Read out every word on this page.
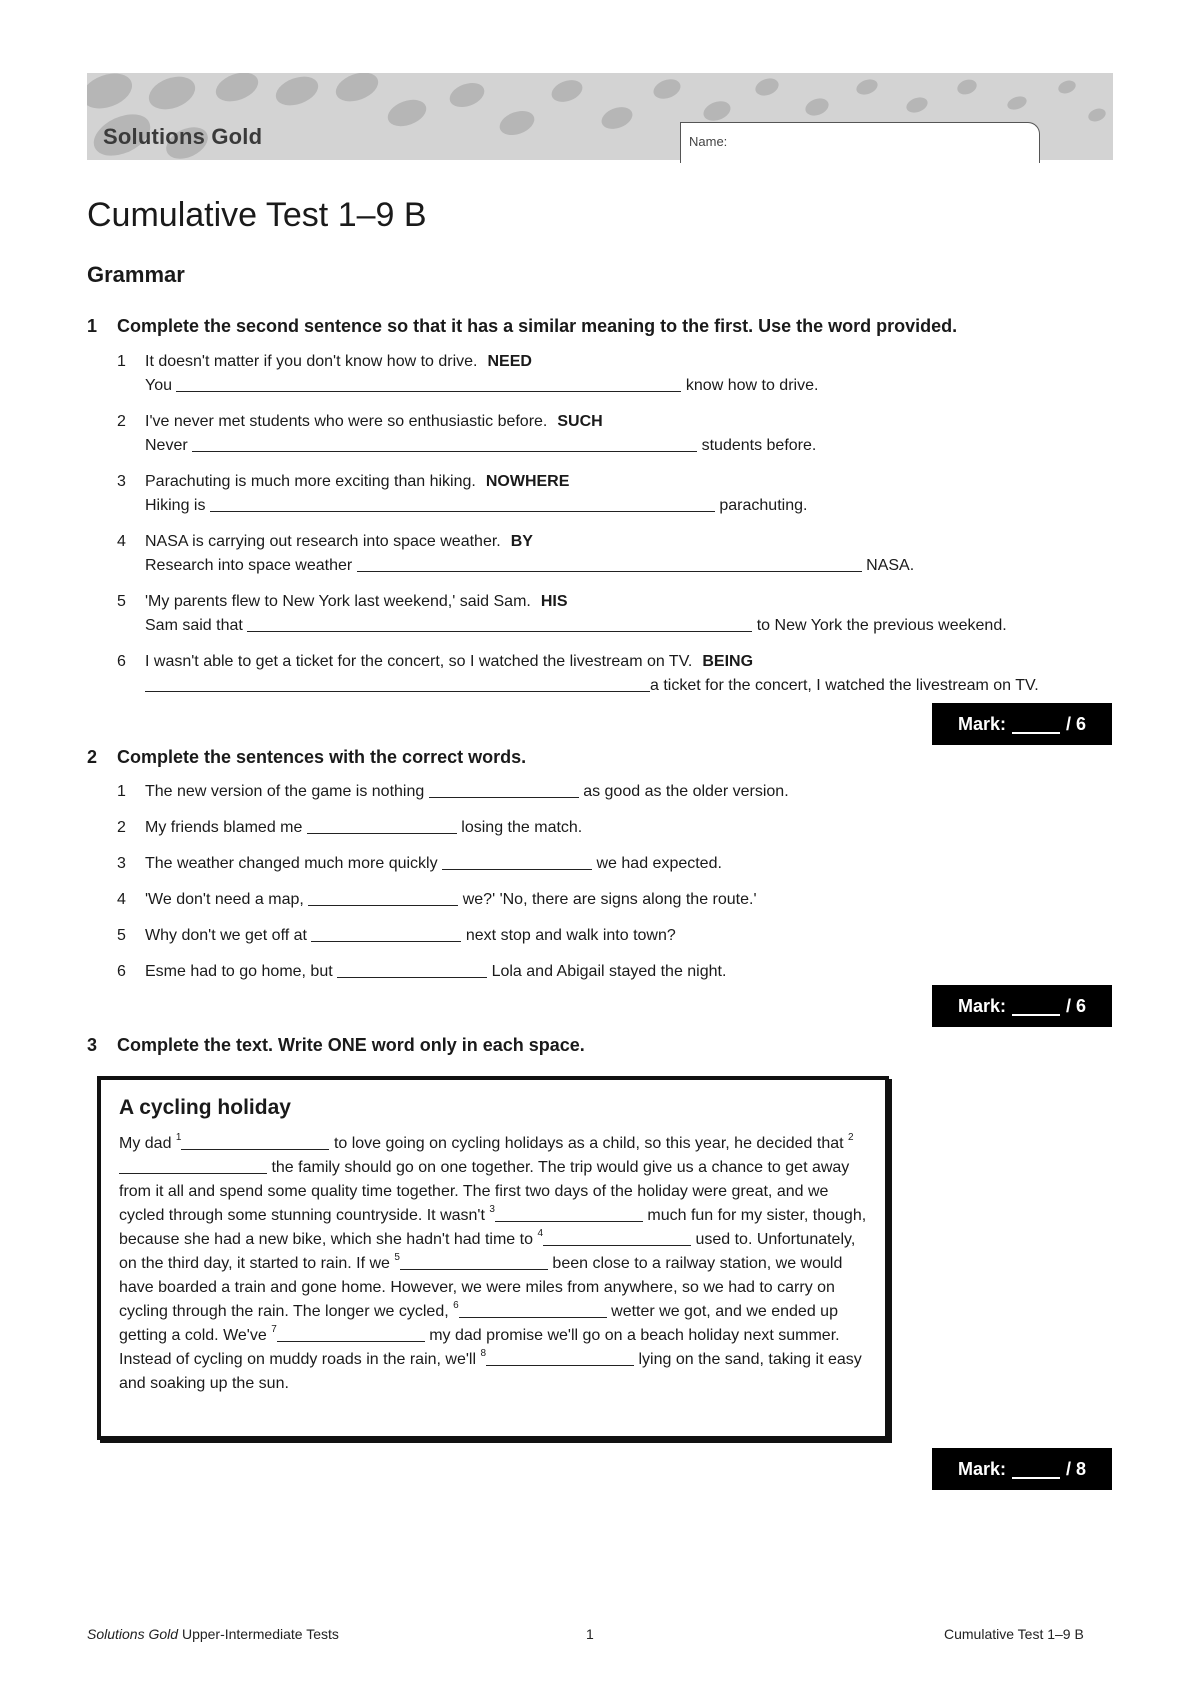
Solutions Gold	Name:
Cumulative Test 1–9 B
Grammar
1 Complete the second sentence so that it has a similar meaning to the first. Use the word provided.
1 It doesn't matter if you don't know how to drive. NEED
You	know how to drive.
2 I've never met students who were so enthusiastic before. SUCH
Never	students before.
3 Parachuting is much more exciting than hiking. NOWHERE
Hiking is	parachuting.
4 NASA is carrying out research into space weather. BY
Research into space weather	NASA.
5 'My parents flew to New York last weekend,' said Sam. HIS
Sam said that	to New York the previous weekend.
6 I wasn't able to get a ticket for the concert, so I watched the livestream on TV. BEING
a ticket for the concert, I watched the livestream on TV.
Mark:	/ 6
2 Complete the sentences with the correct words.
1 The new version of the game is nothing	as good as the older version.
2 My friends blamed me	losing the match.
3 The weather changed much more quickly	we had expected.
4 'We don't need a map,	we?' 'No, there are signs along the route.'
5 Why don't we get off at	next stop and walk into town?
6 Esme had to go home, but	Lola and Abigail stayed the night.
Mark:	/ 6
3 Complete the text. Write ONE word only in each space.
A cycling holiday

My dad $^1$	to love going on cycling holidays as a child, so this year, he decided that $^2$ the family should go on one together. The trip would give us a chance to get away from it all and spend some quality time together. The first two days of the holiday were great, and we cycled through some stunning countryside. It wasn't $^3$	much fun for my sister, though, because she had a new bike, which she hadn't had time to $^4$	used to. Unfortunately, on the third day, it started to rain. If we $^5$	been close to a railway station, we would have boarded a train and gone home. However, we were miles from anywhere, so we had to carry on cycling through the rain. The longer we cycled, $^6$	wetter we got, and we ended up getting a cold. We've $^7$	my dad promise we'll go on a beach holiday next summer. Instead of cycling on muddy roads in the rain, we'll $^8$	lying on the sand, taking it easy and soaking up the sun.

Mark:	/ 8
Solutions Gold Upper-Intermediate Tests	1	Cumulative Test 1–9 B
